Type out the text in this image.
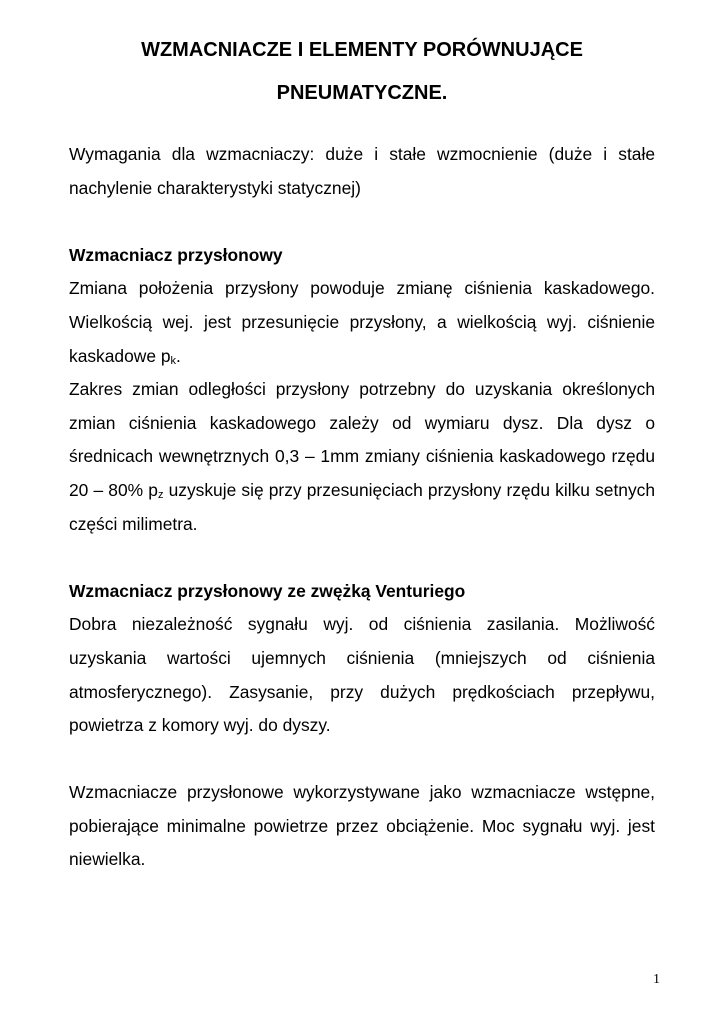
WZMACNIACZE I ELEMENTY PORÓWNUJĄCE
PNEUMATYCZNE.

Wymagania dla wzmacniaczy: duże i stałe wzmocnienie (duże i stałe nachylenie charakterystyki statycznej)

Wzmacniacz przysłonowy

Zmiana położenia przysłony powoduje zmianę ciśnienia kaskadowego. Wielkością wej. jest przesunięcie przysłony, a wielkością wyj. ciśnienie kaskadowe $p_k$.

Zakres zmian odległości przysłony potrzebny do uzyskania określonych zmian ciśnienia kaskadowego zależy od wymiaru dysz. Dla dysz o średnicach wewnętrznych 0,3 – 1mm zmiany ciśnienia kaskadowego rzędu 20 – 80% $p_z$ uzyskuje się przy przesunięciach przysłony rzędu kilku setnych części milimetra.

Wzmacniacz przysłonowy ze zwężką Venturiego

Dobra niezależność sygnału wyj. od ciśnienia zasilania. Możliwość uzyskania wartości ujemnych ciśnienia (mniejszych od ciśnienia atmosferycznego). Zasysanie, przy dużych prędkościach przepływu, powietrza z komory wyj. do dyszy.

Wzmacniacze przysłonowe wykorzystywane jako wzmacniacze wstępne, pobierające minimalne powietrze przez obciążenie. Moc sygnału wyj. jest niewielka.

1
